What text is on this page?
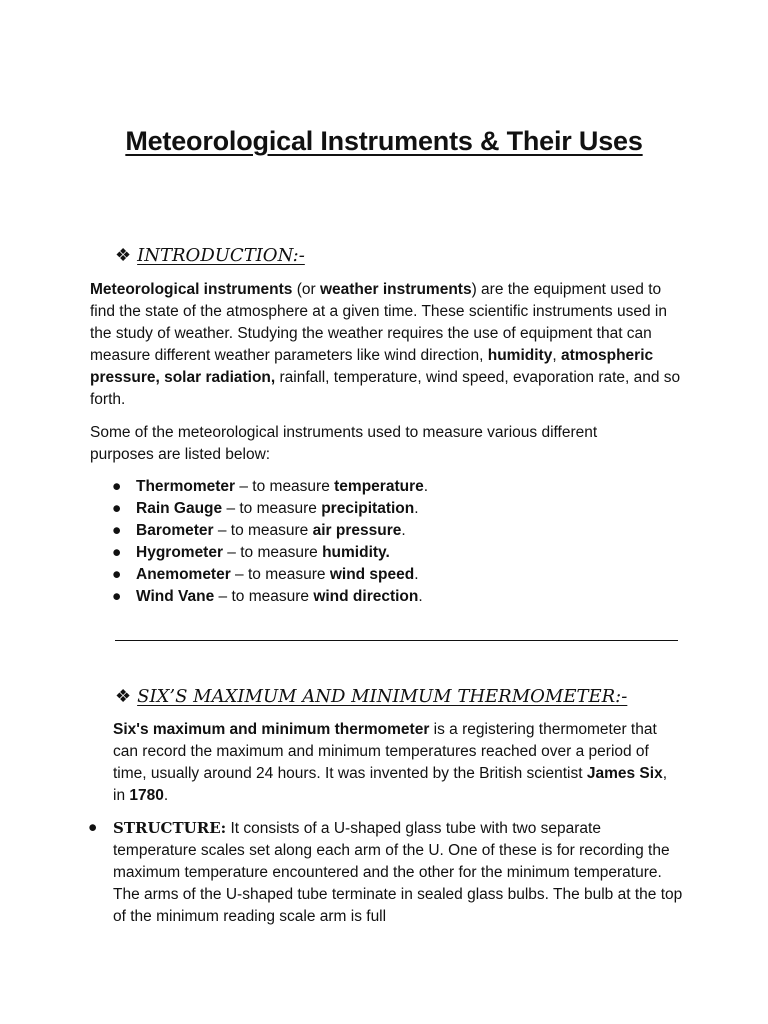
Meteorological Instruments & Their Uses
❖ INTRODUCTION:-
Meteorological instruments (or weather instruments) are the equipment used to find the state of the atmosphere at a given time. These scientific instruments used in the study of weather. Studying the weather requires the use of equipment that can measure different weather parameters like wind direction, humidity, atmospheric pressure, solar radiation, rainfall, temperature, wind speed, evaporation rate, and so forth.
Some of the meteorological instruments used to measure various different purposes are listed below:
● Thermometer – to measure temperature.
● Rain Gauge – to measure precipitation.
● Barometer – to measure air pressure.
● Hygrometer – to measure humidity.
● Anemometer – to measure wind speed.
● Wind Vane – to measure wind direction.
❖ SIX’S MAXIMUM AND MINIMUM THERMOMETER:-
Six's maximum and minimum thermometer is a registering thermometer that can record the maximum and minimum temperatures reached over a period of time, usually around 24 hours. It was invented by the British scientist James Six, in 1780.
● STRUCTURE: It consists of a U-shaped glass tube with two separate temperature scales set along each arm of the U. One of these is for recording the maximum temperature encountered and the other for the minimum temperature. The arms of the U-shaped tube terminate in sealed glass bulbs. The bulb at the top of the minimum reading scale arm is full
